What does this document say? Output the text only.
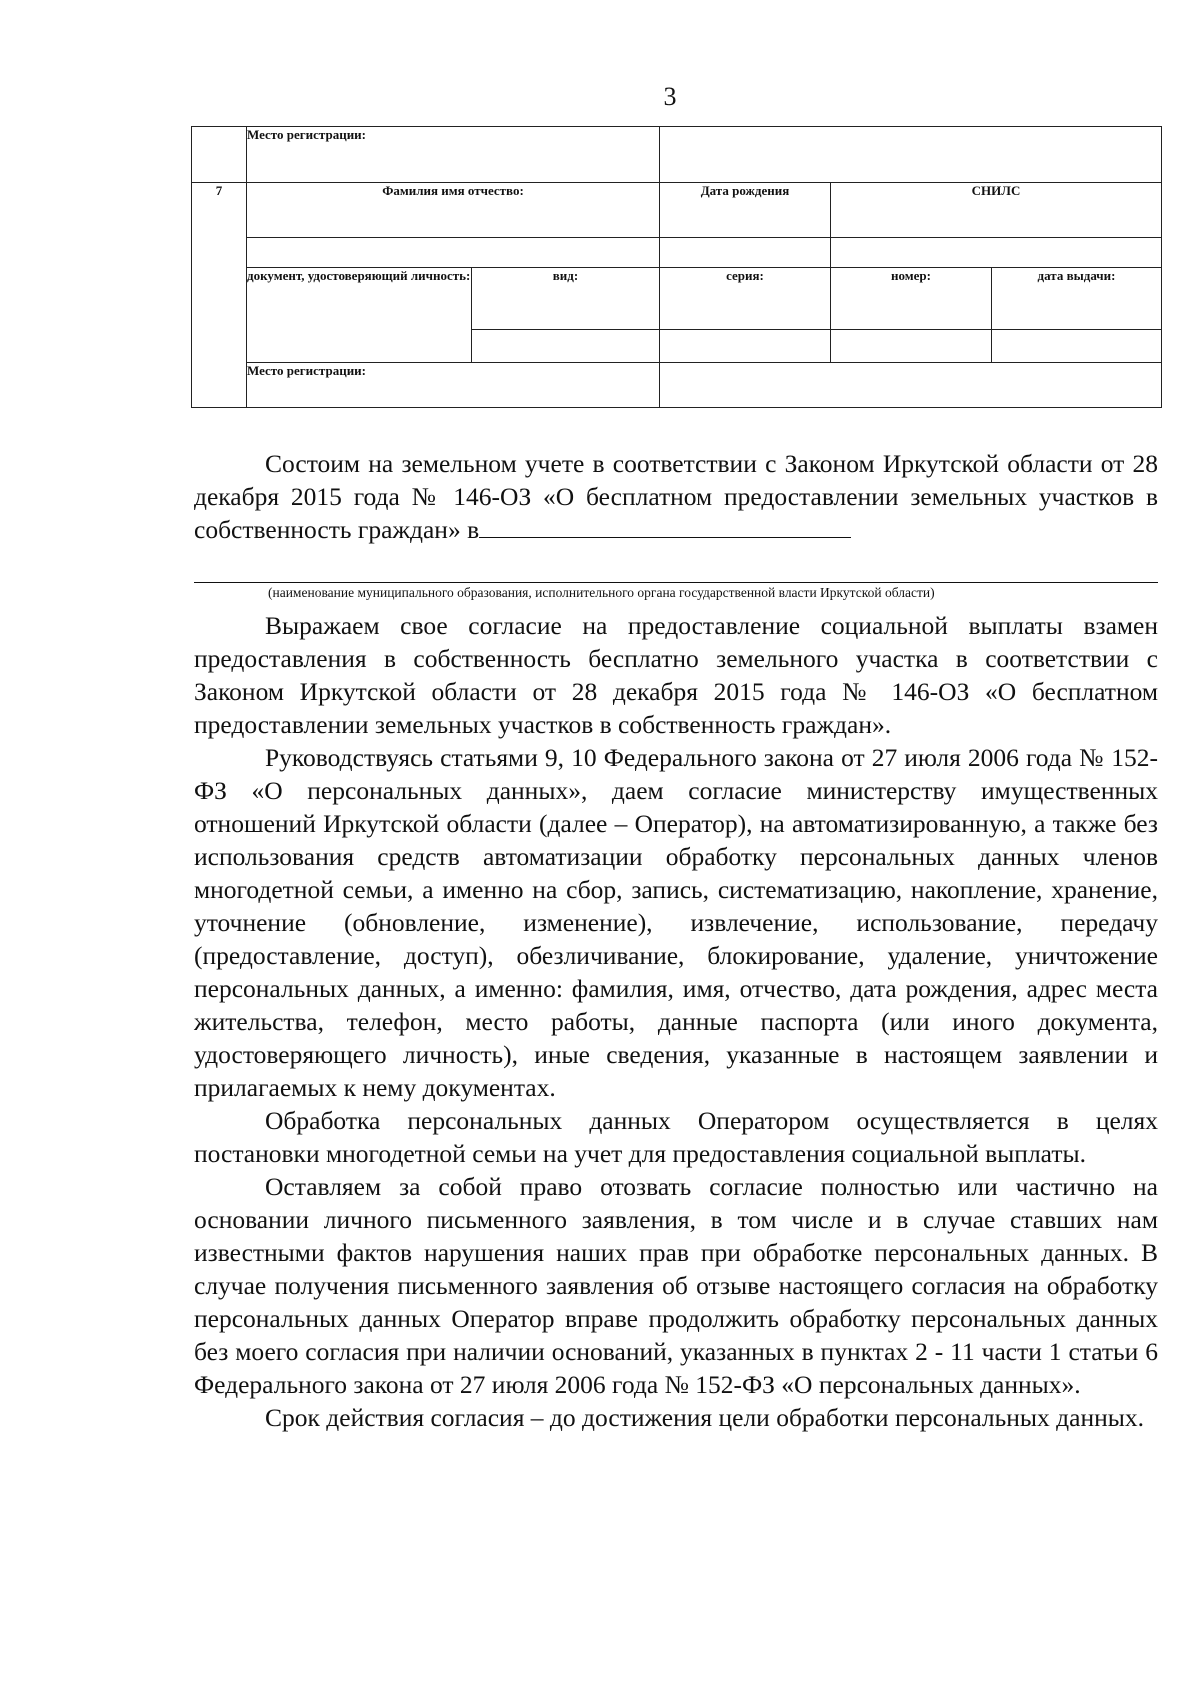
3
	Место регистрации:				
7	Фамилия имя отчество:		Дата рождения	СНИЛС	

	документ, удостоверяющий личность:	вид:	серия:	номер:	дата выдачи:

	Место регистрации:				

Состоим на земельном учете в соответствии с Законом Иркутской области от 28 декабря 2015 года № 146-ОЗ «О бесплатном предоставлении земельных участков в собственность граждан» в

(наименование муниципального образования, исполнительного органа государственной власти Иркутской области)

Выражаем свое согласие на предоставление социальной выплаты взамен предоставления в собственность бесплатно земельного участка в соответствии с Законом Иркутской области от 28 декабря 2015 года № 146-ОЗ «О бесплатном предоставлении земельных участков в собственность граждан».

Руководствуясь статьями 9, 10 Федерального закона от 27 июля 2006 года № 152-ФЗ «О персональных данных», даем согласие министерству имущественных отношений Иркутской области (далее – Оператор), на автоматизированную, а также без использования средств автоматизации обработку персональных данных членов многодетной семьи, а именно на сбор, запись, систематизацию, накопление, хранение, уточнение (обновление, изменение), извлечение, использование, передачу (предоставление, доступ), обезличивание, блокирование, удаление, уничтожение персональных данных, а именно: фамилия, имя, отчество, дата рождения, адрес места жительства, телефон, место работы, данные паспорта (или иного документа, удостоверяющего личность), иные сведения, указанные в настоящем заявлении и прилагаемых к нему документах.

Обработка персональных данных Оператором осуществляется в целях постановки многодетной семьи на учет для предоставления социальной выплаты.

Оставляем за собой право отозвать согласие полностью или частично на основании личного письменного заявления, в том числе и в случае ставших нам известными фактов нарушения наших прав при обработке персональных данных. В случае получения письменного заявления об отзыве настоящего согласия на обработку персональных данных Оператор вправе продолжить обработку персональных данных без моего согласия при наличии оснований, указанных в пунктах 2 - 11 части 1 статьи 6 Федерального закона от 27 июля 2006 года № 152-ФЗ «О персональных данных».

Срок действия согласия – до достижения цели обработки персональных данных.
